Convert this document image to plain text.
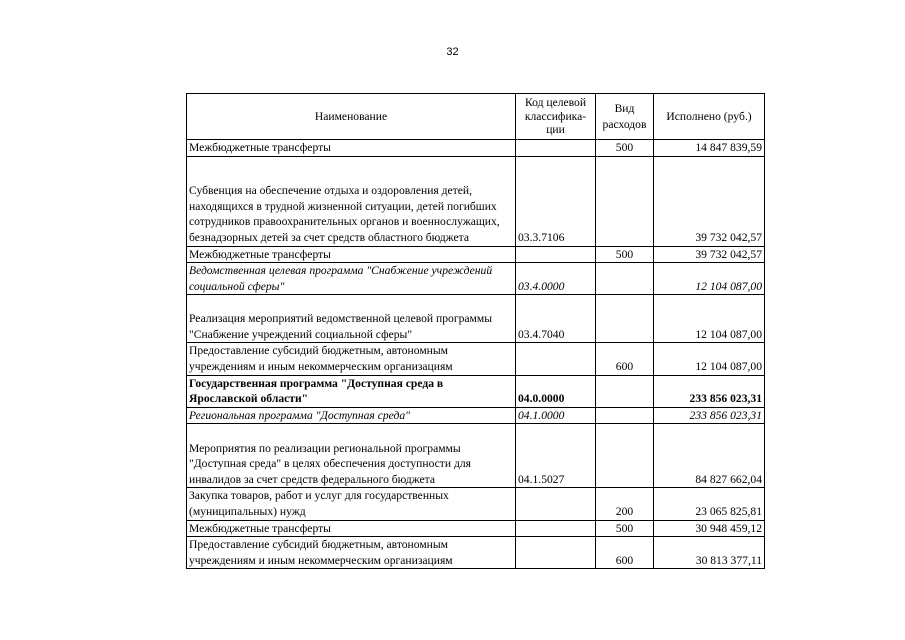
32
Наименование	Код целевой классифика-ции	Вид расходов	Исполнено (руб.)
Межбюджетные трансферты		500	14 847 839,59
Субвенция на обеспечение отдыха и оздоровления детей, находящихся в трудной жизненной ситуации, детей погибших сотрудников правоохранительных органов и военнослужащих, безнадзорных детей за счет средств областного бюджета	03.3.7106		39 732 042,57
Межбюджетные трансферты		500	39 732 042,57
Ведомственная целевая программа "Снабжение учреждений социальной сферы"	03.4.0000		12 104 087,00
Реализация мероприятий ведомственной целевой программы "Снабжение учреждений социальной сферы"	03.4.7040		12 104 087,00
Предоставление субсидий бюджетным, автономным учреждениям и иным некоммерческим организациям		600	12 104 087,00
Государственная программа "Доступная среда в Ярославской области"	04.0.0000		233 856 023,31
Региональная программа "Доступная среда"	04.1.0000		233 856 023,31
Мероприятия по реализации региональной программы "Доступная среда" в целях обеспечения доступности для инвалидов за счет средств федерального бюджета	04.1.5027		84 827 662,04
Закупка товаров, работ и услуг для государственных (муниципальных) нужд		200	23 065 825,81
Межбюджетные трансферты		500	30 948 459,12
Предоставление субсидий бюджетным, автономным учреждениям и иным некоммерческим организациям		600	30 813 377,11
